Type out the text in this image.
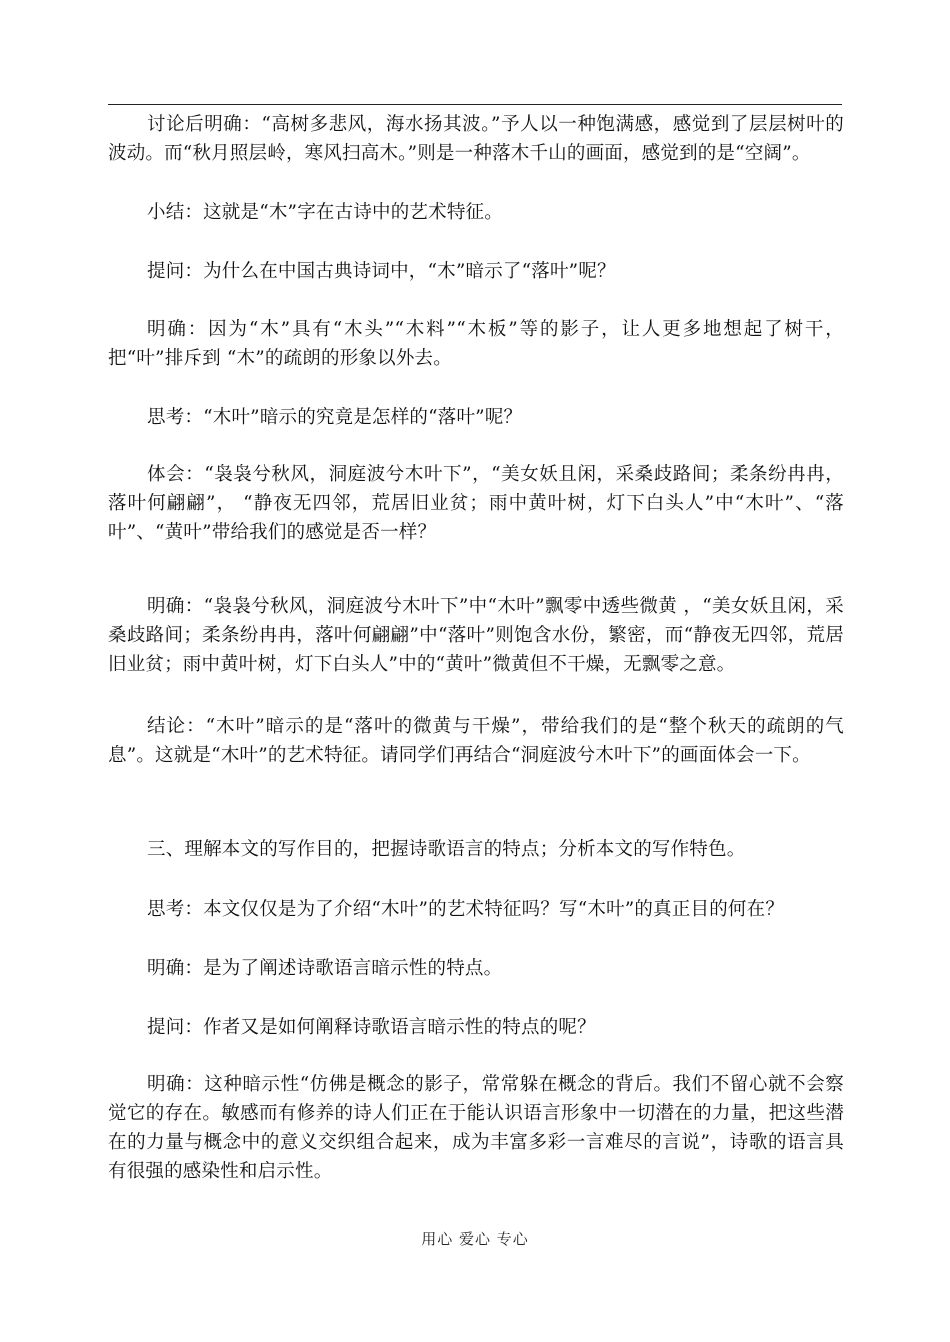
讨论后明确：“高树多悲风，海水扬其波。”予人以一种饱满感，感觉到了层层树叶的波动。而“秋月照层岭，寒风扫高木。”则是一种落木千山的画面，感觉到的是“空阔”。

小结：这就是“木”字在古诗中的艺术特征。

提问：为什么在中国古典诗词中，“木”暗示了“落叶”呢？

明确：因为“木”具有“木头”“木料”“木板”等的影子，让人更多地想起了树干，把“叶”排斥到 “木”的疏朗的形象以外去。

思考：“木叶”暗示的究竟是怎样的“落叶”呢？

体会：“袅袅兮秋风，洞庭波兮木叶下”，“美女妖且闲，采桑歧路间；柔条纷冉冉，落叶何翩翩”， “静夜无四邻，荒居旧业贫；雨中黄叶树，灯下白头人”中“木叶”、“落叶”、“黄叶”带给我们的感觉是否一样？

明确：“袅袅兮秋风，洞庭波兮木叶下”中“木叶”飘零中透些微黄 ，“美女妖且闲，采桑歧路间；柔条纷冉冉，落叶何翩翩”中“落叶”则饱含水份，繁密，而“静夜无四邻，荒居旧业贫；雨中黄叶树，灯下白头人”中的“黄叶”微黄但不干燥，无飘零之意。

结论：“木叶”暗示的是“落叶的微黄与干燥”，带给我们的是“整个秋天的疏朗的气息”。这就是“木叶”的艺术特征。请同学们再结合“洞庭波兮木叶下”的画面体会一下。

三、理解本文的写作目的，把握诗歌语言的特点；分析本文的写作特色。

思考：本文仅仅是为了介绍“木叶”的艺术特征吗？写“木叶”的真正目的何在？

明确：是为了阐述诗歌语言暗示性的特点。

提问：作者又是如何阐释诗歌语言暗示性的特点的呢？

明确：这种暗示性“仿佛是概念的影子，常常躲在概念的背后。我们不留心就不会察觉它的存在。敏感而有修养的诗人们正在于能认识语言形象中一切潜在的力量，把这些潜在的力量与概念中的意义交织组合起来，成为丰富多彩一言难尽的言说”，诗歌的语言具有很强的感染性和启示性。

用心 爱心 专心
